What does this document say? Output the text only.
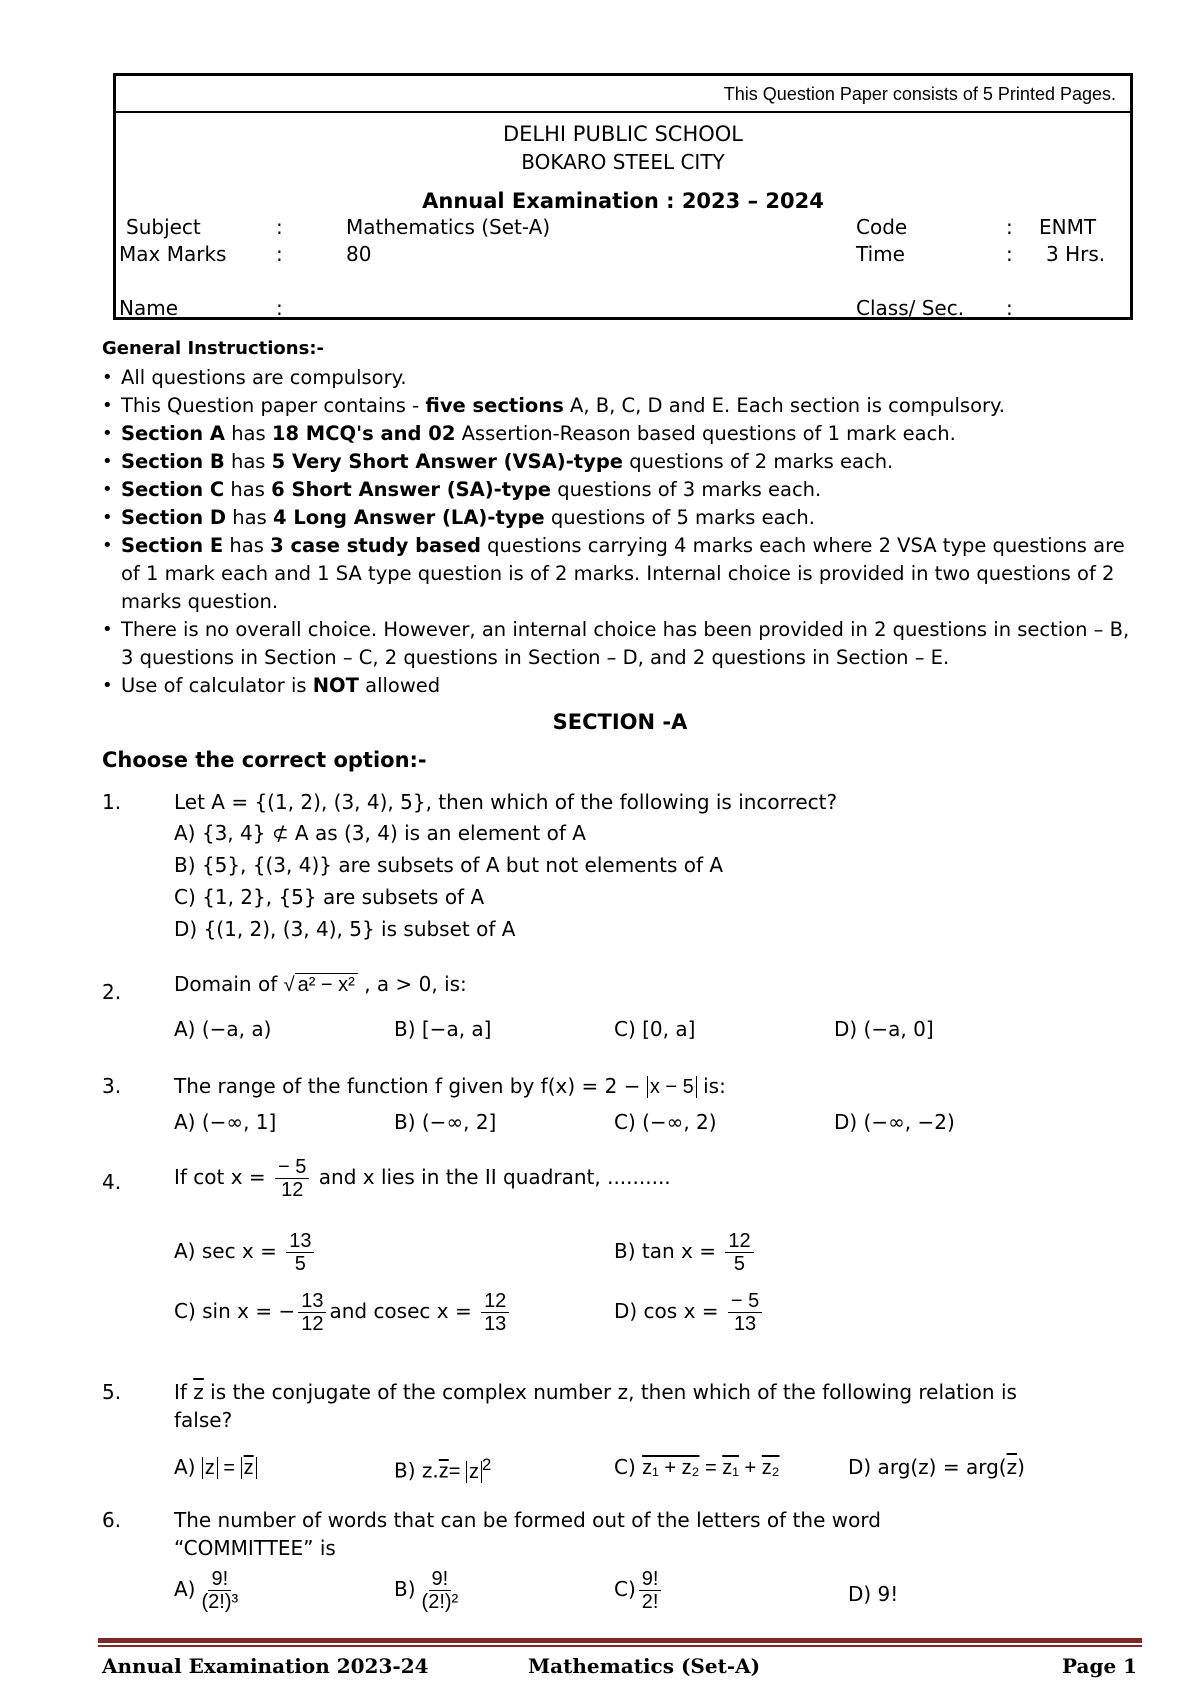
This Question Paper consists of 5 Printed Pages.
DELHI PUBLIC SCHOOL
BOKARO STEEL CITY
Annual Examination : 2023 – 2024
Subject	:	Mathematics (Set-A)	Code	: ENMT
Max Marks :	80	Time	: 3 Hrs.
Name	:	Class/ Sec. :
General Instructions:-
• All questions are compulsory.
• This Question paper contains - five sections A, B, C, D and E. Each section is compulsory.
• Section A has 18 MCQ's and 02 Assertion-Reason based questions of 1 mark each.
• Section B has 5 Very Short Answer (VSA)-type questions of 2 marks each.
• Section C has 6 Short Answer (SA)-type questions of 3 marks each.
• Section D has 4 Long Answer (LA)-type questions of 5 marks each.
• Section E has 3 case study based questions carrying 4 marks each where 2 VSA type questions are of 1 mark each and 1 SA type question is of 2 marks. Internal choice is provided in two questions of 2 marks question.
• There is no overall choice. However, an internal choice has been provided in 2 questions in section – B, 3 questions in Section – C, 2 questions in Section – D, and 2 questions in Section – E.
• Use of calculator is NOT allowed
SECTION -A
Choose the correct option:-
1.	Let A = {(1, 2), (3, 4), 5}, then which of the following is incorrect?
A) {3, 4} ⊄ A as (3, 4) is an element of A
B) {5}, {(3, 4)} are subsets of A but not elements of A
C) {1, 2}, {5} are subsets of A
D) {(1, 2), (3, 4), 5} is subset of A
2.	Domain of √ a² − x² , a > 0, is:
A) (−a, a)	B) [−a, a]	C) [0, a]	D) (−a, 0]
3.	The range of the function f given by f(x) = 2 − x − 5 is:
A) (−∞, 1]	B) (−∞, 2]	C) (−∞, 2)	D) (−∞, −2)
4.	If $\cot x = \frac{- 5}{12}$ and x lies in the II quadrant, ..........
A) $\sec x = \frac{13}{5}$	B) $\tan x = \frac{12}{5}$
C) sin x = − $\frac{13}{12}$ and cosec $x = \frac{12}{13}$	D) $\cos x = \frac{- 5}{13}$
5.	If $\overline{z}$ is the conjugate of the complex number z, then which of the following relation is
false?
A) $z = \overline{z}$	B) $z.\overline{z}= z$ $^2$	C) z₁ + z₂ = z₁ + z₂	D) $arg(z) = arg(\overline{z})$
6.	The number of words that can be formed out of the letters of the word
“COMMITTEE” is
$A) \frac{9!}{\text{(2!)³}}$	$B) \frac{9!}{\text{(2!)²}}$	$C) \frac{9!}{2!}$	D) 9!
Annual Examination 2023-24	Mathematics (Set-A)	Page 1
